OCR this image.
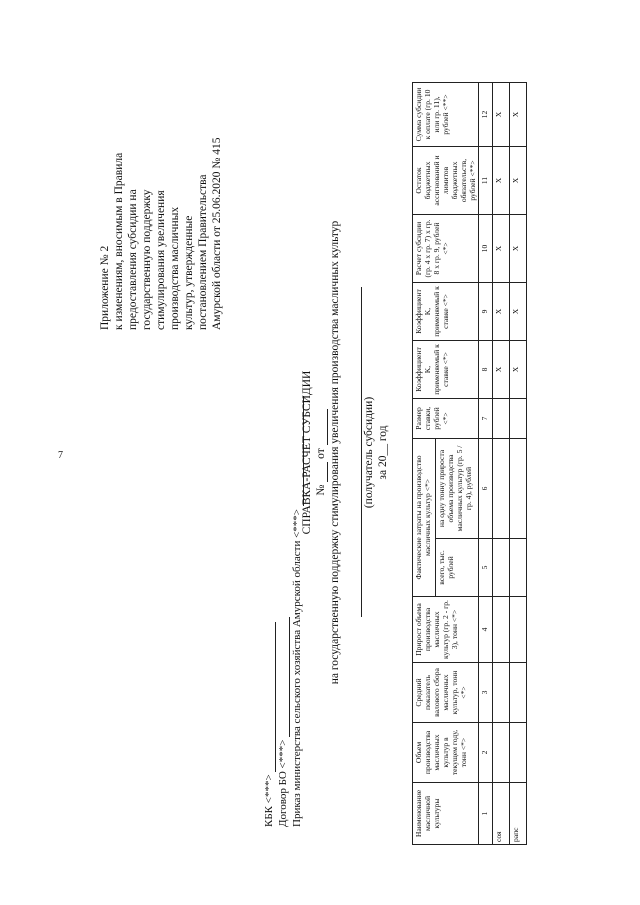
7
Приложение № 2 к изменениям, вносимым в Правила предоставления субсидии на государственную поддержку стимулирования увеличения производства масличных культур, утвержденные постановлением Правительства Амурской области от 25.06.2020 № 415
КБК <***> Договор БО <***> Приказ министерства сельского хозяйства Амурской области <***>
СПРАВКА-РАСЧЕТ СУБСИДИИ №  от на государственную поддержку стимулирования увеличения производства масличных культур (получатель субсидии) за 20__ год
Наименование масличной культуры	Объем производства масличных культур в текущем году, тонн <*>	Средний показатель валового сбора масличных культур, тонн <*>	Прирост объема производства масличных культур (гр. 2 - гр. 3), тонн <*>	Фактические затраты на производство масличных культур <*>		Размер ставки, рублей <*>	Коэффициент K, применяемый к ставке <*>	Коэффициент K, применяемый к ставке <*>	Расчет субсидии (гр. 4 х гр. 7) х гр. 8 х гр. 9, рублей <*>	Остаток бюджетных ассигнований и лимитов бюджетных обязательств, рублей <**>	Сумма субсидии к оплате (гр. 10 или гр. 11), рублей <**>
				всего, тыс. рублей	на одну тонну прироста объема производства масличных культур (гр. 5 / гр. 4), рублей						
1	2	3	4	5	6	7	8	9	10	11	12
соя							Х	Х	Х	Х	Х
рапс							Х	Х	Х	Х	Х
